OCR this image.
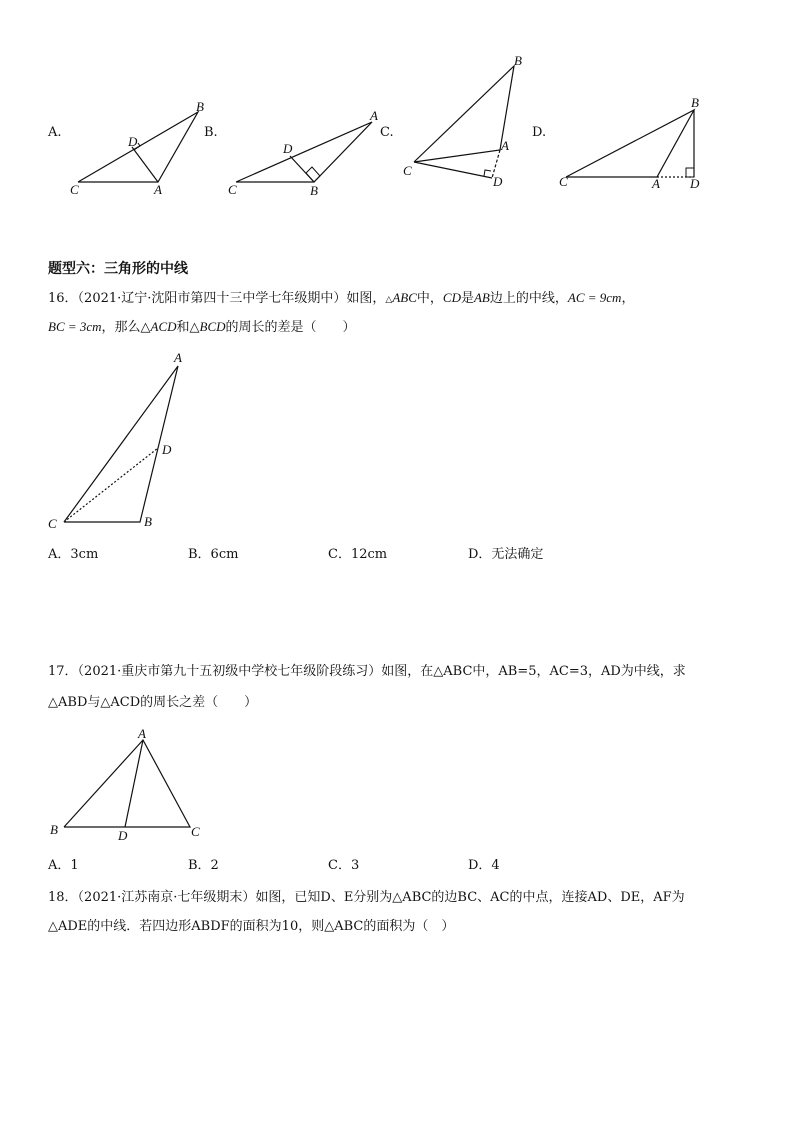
A.	B.	C.	D.
B
D
C	A
A
D
C	B
B
A
C
D
B
C	A D
题型六：三角形的中线
16．（2021·辽宁·沈阳市第四十三中学七年级期中）如图，△ABC中，CD是AB边上的中线，AC = 9cm，
BC = 3cm，那么△ACD和△BCD的周长的差是（　　）
A
D
C	B
A．3cm	B．6cm	C．12cm	D．无法确定
17．（2021·重庆市第九十五初级中学校七年级阶段练习）如图，在△ABC中，AB=5，AC=3，AD为中线，求
△ABD与△ACD的周长之差（　　）
A
B	D	C
A．1	B．2	C．3	D．4
18．（2021·江苏南京·七年级期末）如图，已知D、E分别为△ABC的边BC、AC的中点，连接AD、DE，AF为
△ADE的中线．若四边形ABDF的面积为10，则△ABC的面积为（　）
